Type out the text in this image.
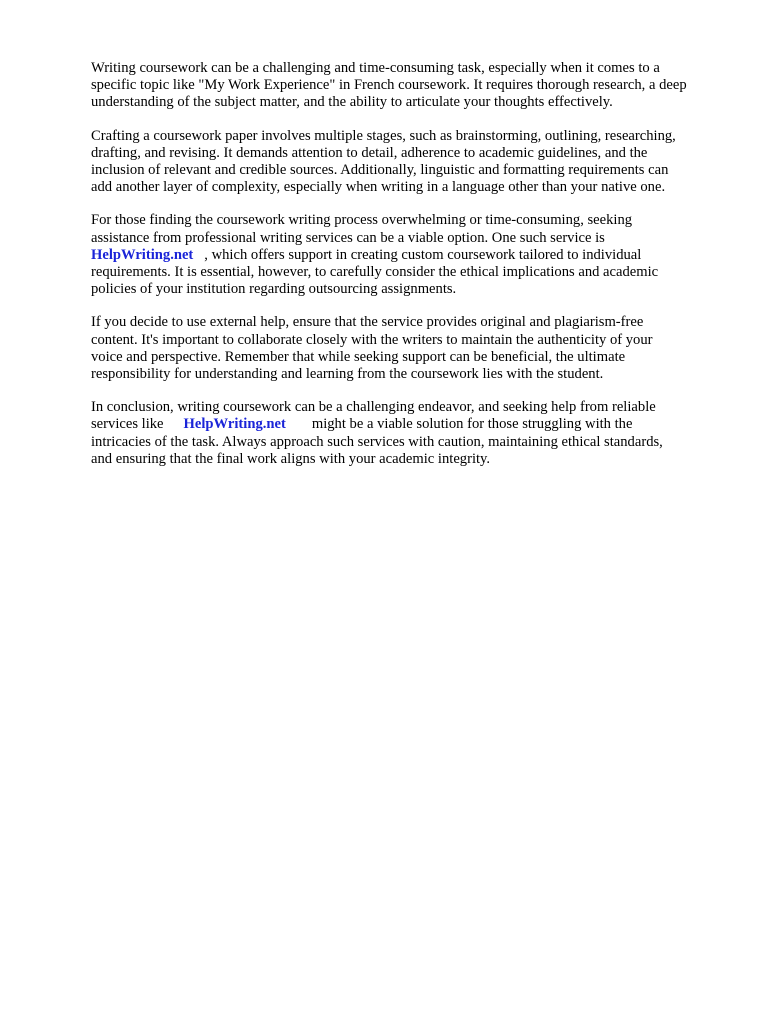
Writing coursework can be a challenging and time-consuming task, especially when it comes to a
specific topic like "My Work Experience" in French coursework. It requires thorough research, a deep
understanding of the subject matter, and the ability to articulate your thoughts effectively.

Crafting a coursework paper involves multiple stages, such as brainstorming, outlining, researching,
drafting, and revising. It demands attention to detail, adherence to academic guidelines, and the
inclusion of relevant and credible sources. Additionally, linguistic and formatting requirements can
add another layer of complexity, especially when writing in a language other than your native one.

For those finding the coursework writing process overwhelming or time-consuming, seeking
assistance from professional writing services can be a viable option. One such service is
HelpWriting.net , which offers support in creating custom coursework tailored to individual
requirements. It is essential, however, to carefully consider the ethical implications and academic
policies of your institution regarding outsourcing assignments.

If you decide to use external help, ensure that the service provides original and plagiarism-free
content. It's important to collaborate closely with the writers to maintain the authenticity of your
voice and perspective. Remember that while seeking support can be beneficial, the ultimate
responsibility for understanding and learning from the coursework lies with the student.

In conclusion, writing coursework can be a challenging endeavor, and seeking help from reliable
services like HelpWriting.net might be a viable solution for those struggling with the
intricacies of the task. Always approach such services with caution, maintaining ethical standards,
and ensuring that the final work aligns with your academic integrity.
